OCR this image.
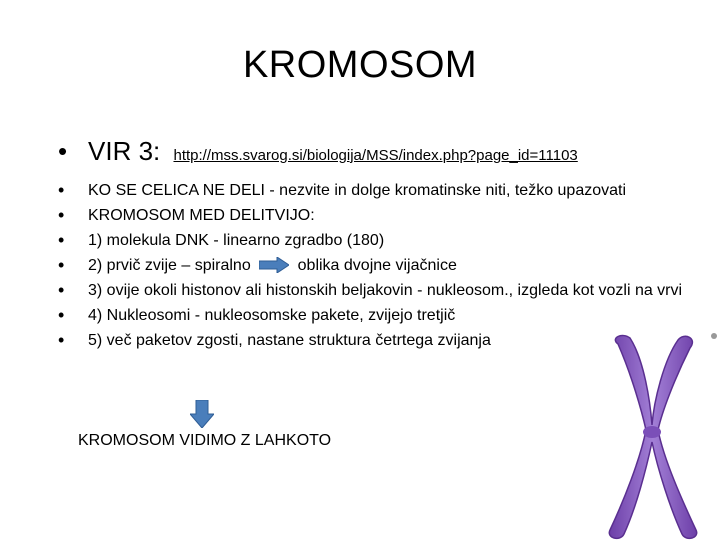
KROMOSOM
• VIR 3: http://mss.svarog.si/biologija/MSS/index.php?page_id=11103
• KO SE CELICA NE DELI - nezvite in dolge kromatinske niti, težko upazovati
• KROMOSOM MED DELITVIJO:
• 1) molekula DNK - linearno zgradbo (180)
• 2) prvič zvije – spiralno	oblika dvojne vijačnice
• 3) ovije okoli histonov ali histonskih beljakovin - nukleosom., izgleda kot vozli na vrvi
• 4) Nukleosomi - nukleosomske pakete, zvijejo tretjič
• 5) več paketov zgosti, nastane struktura četrtega zvijanja
KROMOSOM VIDIMO Z LAHKOTO
